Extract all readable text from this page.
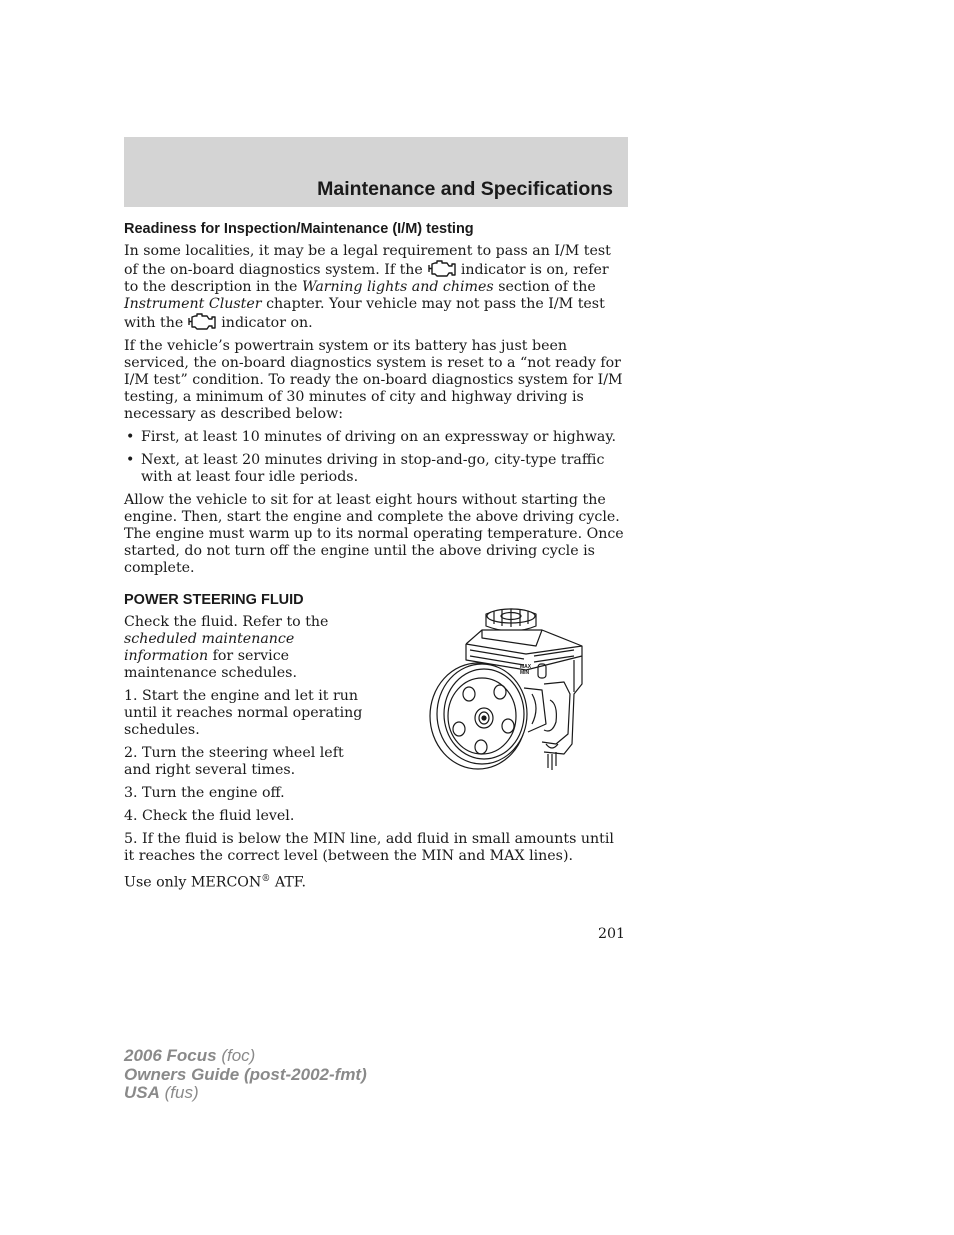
Maintenance and Specifications
Readiness for Inspection/Maintenance (I/M) testing

In some localities, it may be a legal requirement to pass an I/M test of the on-board diagnostics system. If the	indicator is on, refer to the description in the Warning lights and chimes section of the Instrument Cluster chapter. Your vehicle may not pass the I/M test with the	indicator on.

If the vehicle’s powertrain system or its battery has just been serviced, the on-board diagnostics system is reset to a “not ready for I/M test” condition. To ready the on-board diagnostics system for I/M testing, a minimum of 30 minutes of city and highway driving is necessary as described below:

• First, at least 10 minutes of driving on an expressway or highway.
• Next, at least 20 minutes driving in stop-and-go, city-type traffic with at least four idle periods.

Allow the vehicle to sit for at least eight hours without starting the engine. Then, start the engine and complete the above driving cycle. The engine must warm up to its normal operating temperature. Once started, do not turn off the engine until the above driving cycle is complete.

POWER STEERING FLUID

Check the fluid. Refer to the scheduled maintenance information for service maintenance schedules.

1. Start the engine and let it run until it reaches normal operating schedules.

2. Turn the steering wheel left and right several times.

3. Turn the engine off.

4. Check the fluid level.

MAX
MIN

5. If the fluid is below the MIN line, add fluid in small amounts until it reaches the correct level (between the MIN and MAX lines).

Use only MERCON® ATF.

201
2006 Focus (foc)
Owners Guide (post-2002-fmt)
USA (fus)
